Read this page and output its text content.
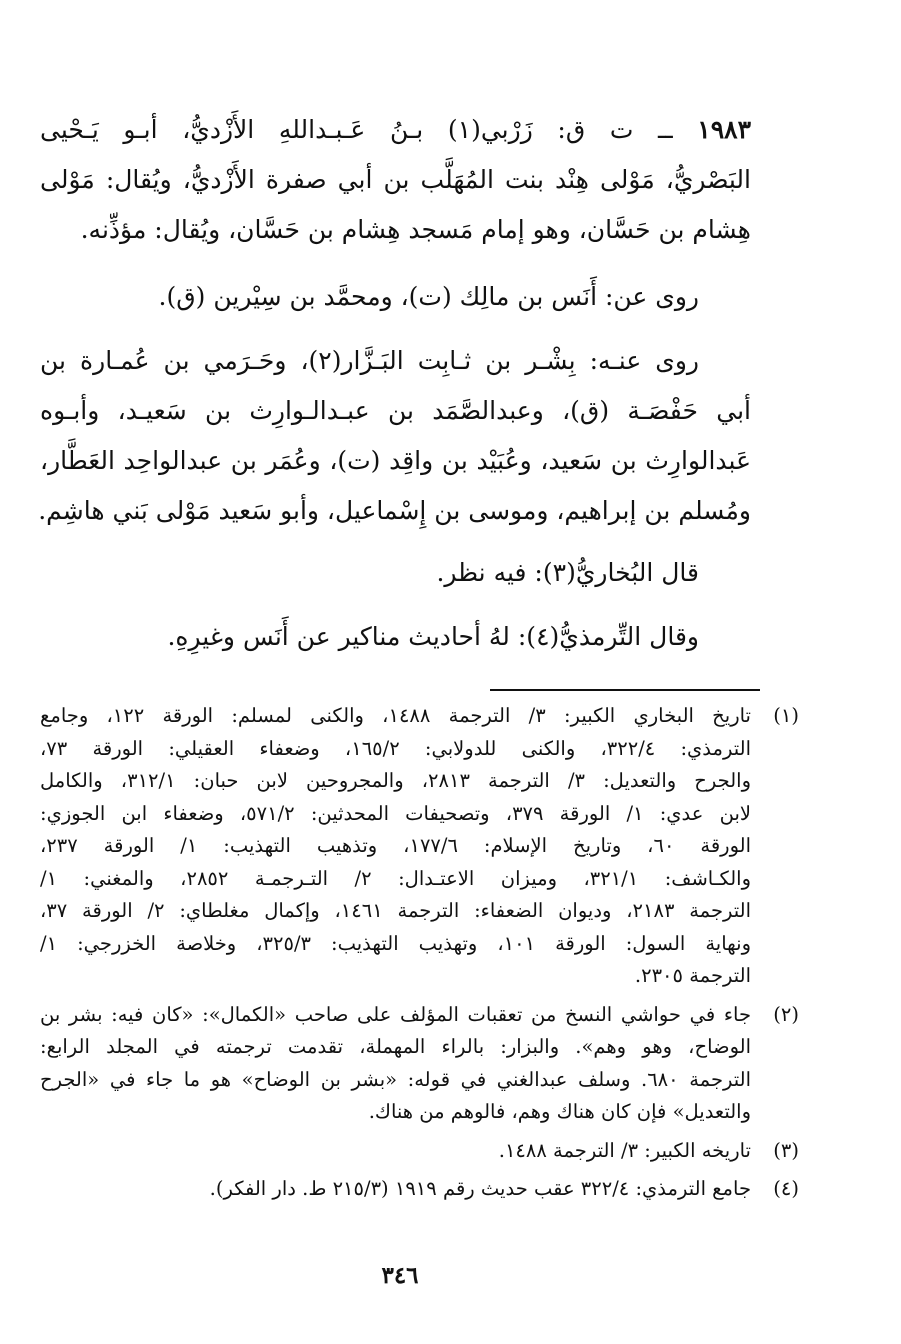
١٩٨٣ ــ ت ق: زَرْبي(١) بـنُ عَـبـداللهِ الأَزْديُّ، أبـو يَـحْيى
البَصْريُّ، مَوْلى هِنْد بنت المُهَلَّب بن أبي صفرة الأَزْديُّ، ويُقال: مَوْلى
هِشام بن حَسَّان، وهو إمام مَسجد هِشام بن حَسَّان، ويُقال: مؤذِّنه.
روى عن: أَنَس بن مالِك (ت)، ومحمَّد بن سِيْرين (ق).
روى عنـه: بِشْـر بن ثـابِت البَـزَّار(٢)، وحَـرَمي بن عُمـارة بن
أبي حَفْصَـة (ق)، وعبدالصَّمَد بن عبـدالـوارِث بن سَعيـد، وأبـوه
عَبدالوارِث بن سَعيد، وعُبَيْد بن واقِد (ت)، وعُمَر بن عبدالواحِد العَطَّار،
ومُسلم بن إبراهيم، وموسى بن إِسْماعيل، وأبو سَعيد مَوْلى بَني هاشِم.
قال البُخاريُّ(٣): فيه نظر.
وقال التِّرمذيُّ(٤): لهُ أحاديث مناكير عن أَنَس وغيرِهِ.
(١)
تاريخ البخاري الكبير: ٣/ الترجمة ١٤٨٨، والكنى لمسلم: الورقة ١٢٢، وجامع
الترمذي: ٣٢٢/٤، والكنى للدولابي: ١٦٥/٢، وضعفاء العقيلي: الورقة ٧٣،
والجرح والتعديل: ٣/ الترجمة ٢٨١٣، والمجروحين لابن حبان: ٣١٢/١، والكامل
لابن عدي: ١/ الورقة ٣٧٩، وتصحيفات المحدثين: ٥٧١/٢، وضعفاء ابن الجوزي:
الورقة ٦٠، وتاريخ الإسلام: ١٧٧/٦، وتذهيب التهذيب: ١/ الورقة ٢٣٧،
والكـاشف: ٣٢١/١، وميزان الاعتـدال: ٢/ التـرجمـة ٢٨٥٢، والمغني: ١/
الترجمة ٢١٨٣، وديوان الضعفاء: الترجمة ١٤٦١، وإكمال مغلطاي: ٢/ الورقة ٣٧،
ونهاية السول: الورقة ١٠١، وتهذيب التهذيب: ٣٢٥/٣، وخلاصة الخزرجي: ١/
الترجمة ٢٣٠٥.
(٢)
جاء في حواشي النسخ من تعقبات المؤلف على صاحب «الكمال»: «كان فيه: بشر بن
الوضاح، وهو وهم». والبزار: بالراء المهملة، تقدمت ترجمته في المجلد الرابع:
الترجمة ٦٨٠. وسلف عبدالغني في قوله: «بشر بن الوضاح» هو ما جاء في «الجرح
والتعديل» فإن كان هناك وهم، فالوهم من هناك.
(٣)
تاريخه الكبير: ٣/ الترجمة ١٤٨٨.
(٤)
جامع الترمذي: ٣٢٢/٤ عقب حديث رقم ١٩١٩ (٢١٥/٣ ط. دار الفكر).
٣٤٦
